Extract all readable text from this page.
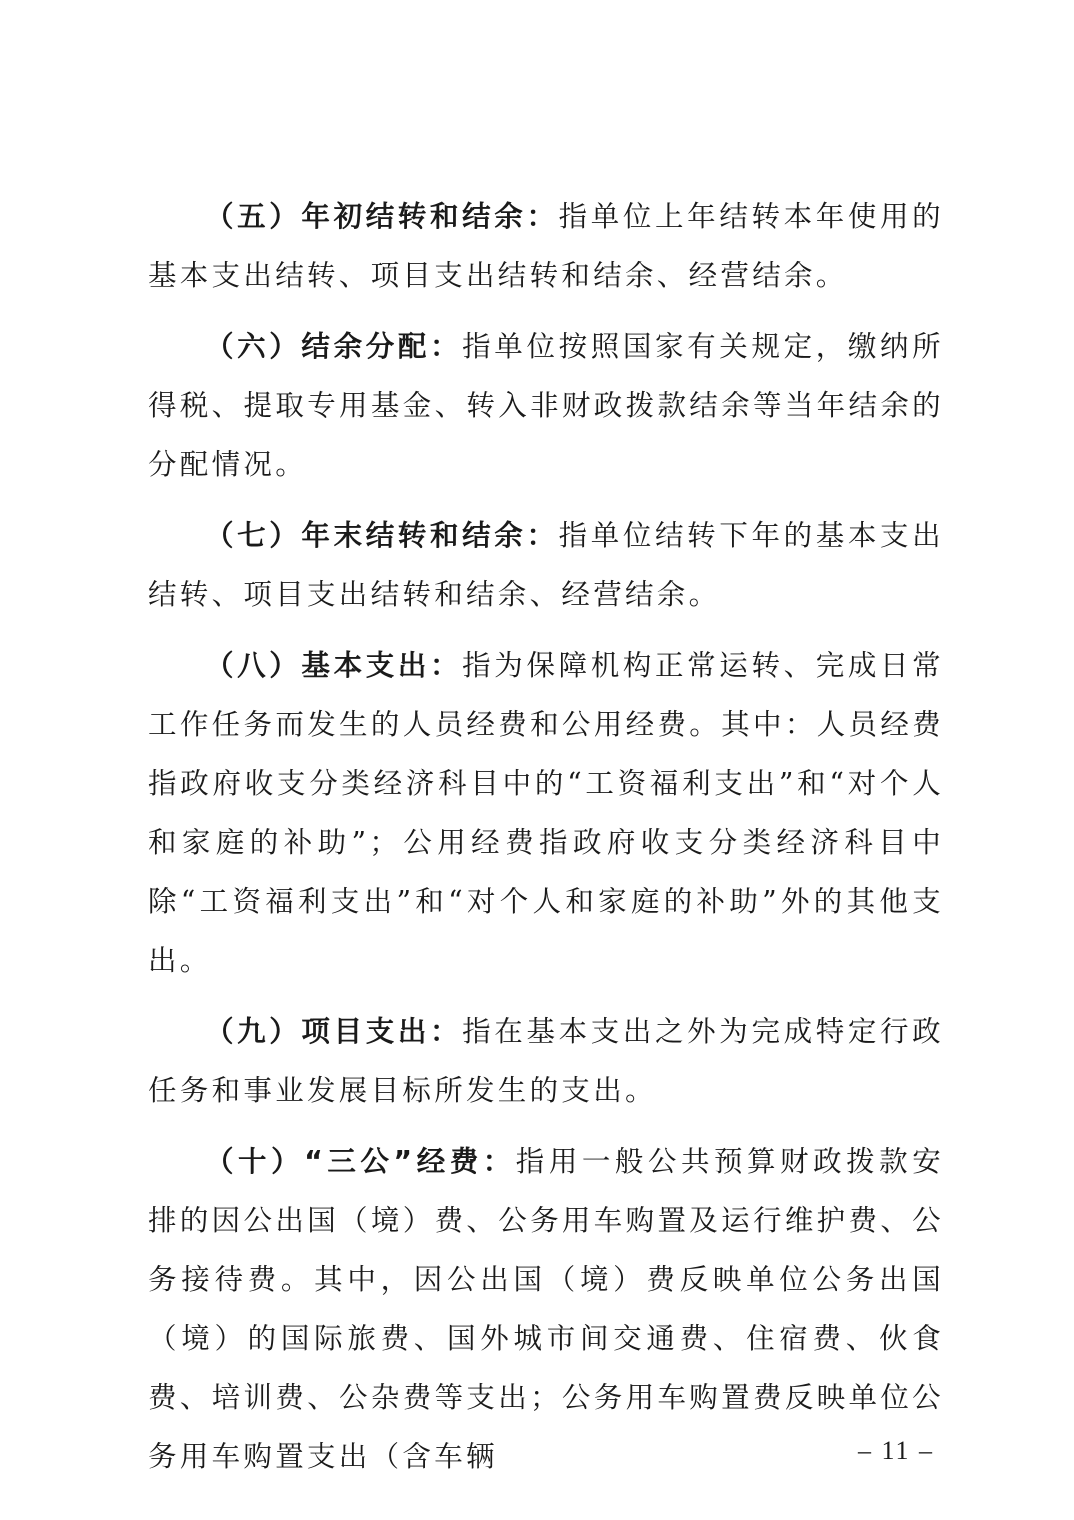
（五）年初结转和结余：指单位上年结转本年使用的基本支出结转、项目支出结转和结余、经营结余。

（六）结余分配：指单位按照国家有关规定，缴纳所得税、提取专用基金、转入非财政拨款结余等当年结余的分配情况。

（七）年末结转和结余：指单位结转下年的基本支出结转、项目支出结转和结余、经营结余。

（八）基本支出：指为保障机构正常运转、完成日常工作任务而发生的人员经费和公用经费。其中：人员经费指政府收支分类经济科目中的“工资福利支出”和“对个人和家庭的补助”；公用经费指政府收支分类经济科目中除“工资福利支出”和“对个人和家庭的补助”外的其他支出。

（九）项目支出：指在基本支出之外为完成特定行政任务和事业发展目标所发生的支出。

（十）“三公”经费：指用一般公共预算财政拨款安排的因公出国（境）费、公务用车购置及运行维护费、公务接待费。其中，因公出国（境）费反映单位公务出国（境）的国际旅费、国外城市间交通费、住宿费、伙食费、培训费、公杂费等支出；公务用车购置费反映单位公务用车购置支出（含车辆	– 11 –
